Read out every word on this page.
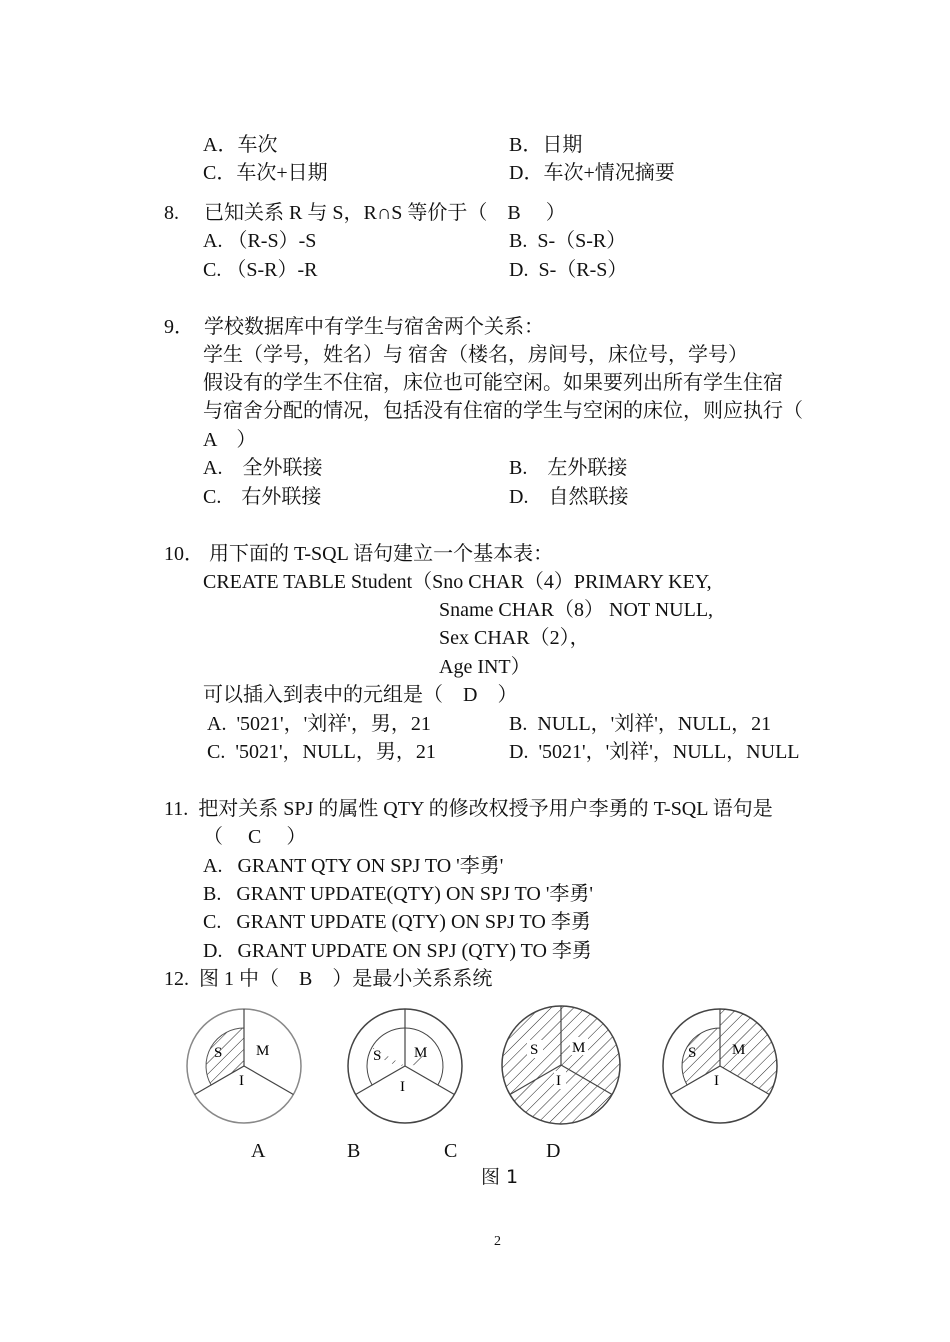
A．车次	B．日期
C．车次+日期	D．车次+情况摘要
8.　 已知关系 R 与 S，R∩S 等价于（　B　 ）
A. （R-S）-S	B.  S-（S-R）
C. （S-R）-R	D.  S-（R-S）
9．　学校数据库中有学生与宿舍两个关系：
学生（学号，姓名）与 宿舍（楼名，房间号，床位号，学号）
假设有的学生不住宿，床位也可能空闲。如果要列出所有学生住宿
与宿舍分配的情况，包括没有住宿的学生与空闲的床位，则应执行（
A　）
A.　全外联接	B.　左外联接
C.　右外联接	D.　自然联接
10． 用下面的 T-SQL 语句建立一个基本表：
CREATE TABLE Student（Sno CHAR（4）PRIMARY KEY,
Sname CHAR（8） NOT NULL,
Sex CHAR（2），
Age INT）
可以插入到表中的元组是（　D　）
A.  '5021'，'刘祥'，男，21	B.  NULL，'刘祥'，NULL，21
C.  '5021'，NULL，男，21	D.  '5021'，'刘祥'，NULL，NULL
11.  把对关系 SPJ 的属性 QTY 的修改权授予用户李勇的 T-SQL 语句是
（　 C　 ）
A.   GRANT QTY ON SPJ TO '李勇'
B.   GRANT UPDATE(QTY) ON SPJ TO '李勇'
C.   GRANT UPDATE (QTY) ON SPJ TO 李勇
D.   GRANT UPDATE ON SPJ (QTY) TO 李勇
12.  图 1 中（　B　）是最小关系系统
S M
I
S M
I
S M
I
S M
I
A	B	C	D
图 1
2
